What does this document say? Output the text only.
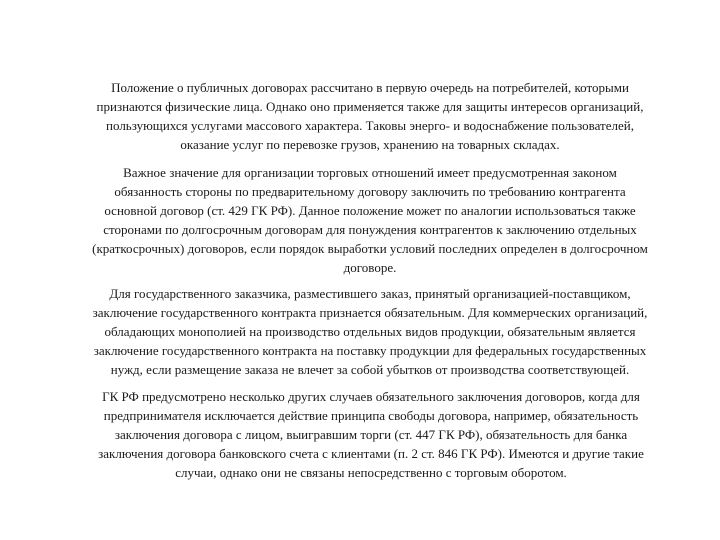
Положение о публичных договорах рассчитано в первую очередь на потребителей, которыми
признаются физические лица. Однако оно применяется также для защиты интересов организаций,
пользующихся услугами массового характера. Таковы энерго- и водоснабжение пользователей,
оказание услуг по перевозке грузов, хранению на товарных складах.

Важное значение для организации торговых отношений имеет предусмотренная законом
обязанность стороны по предварительному договору заключить по требованию контрагента
основной договор (ст. 429 ГК РФ). Данное положение может по аналогии использоваться также
сторонами по долгосрочным договорам для понуждения контрагентов к заключению отдельных
(краткосрочных) договоров, если порядок выработки условий последних определен в долгосрочном
договоре.

Для государственного заказчика, разместившего заказ, принятый организацией-поставщиком,
заключение государственного контракта признается обязательным. Для коммерческих организаций,
обладающих монополией на производство отдельных видов продукции, обязательным является
заключение государственного контракта на поставку продукции для федеральных государственных
нужд, если размещение заказа не влечет за собой убытков от производства соответствующей.

ГК РФ предусмотрено несколько других случаев обязательного заключения договоров, когда для
предпринимателя исключается действие принципа свободы договора, например, обязательность
заключения договора с лицом, выигравшим торги (ст. 447 ГК РФ), обязательность для банка
заключения договора банковского счета с клиентами (п. 2 ст. 846 ГК РФ). Имеются и другие такие
случаи, однако они не связаны непосредственно с торговым оборотом.
